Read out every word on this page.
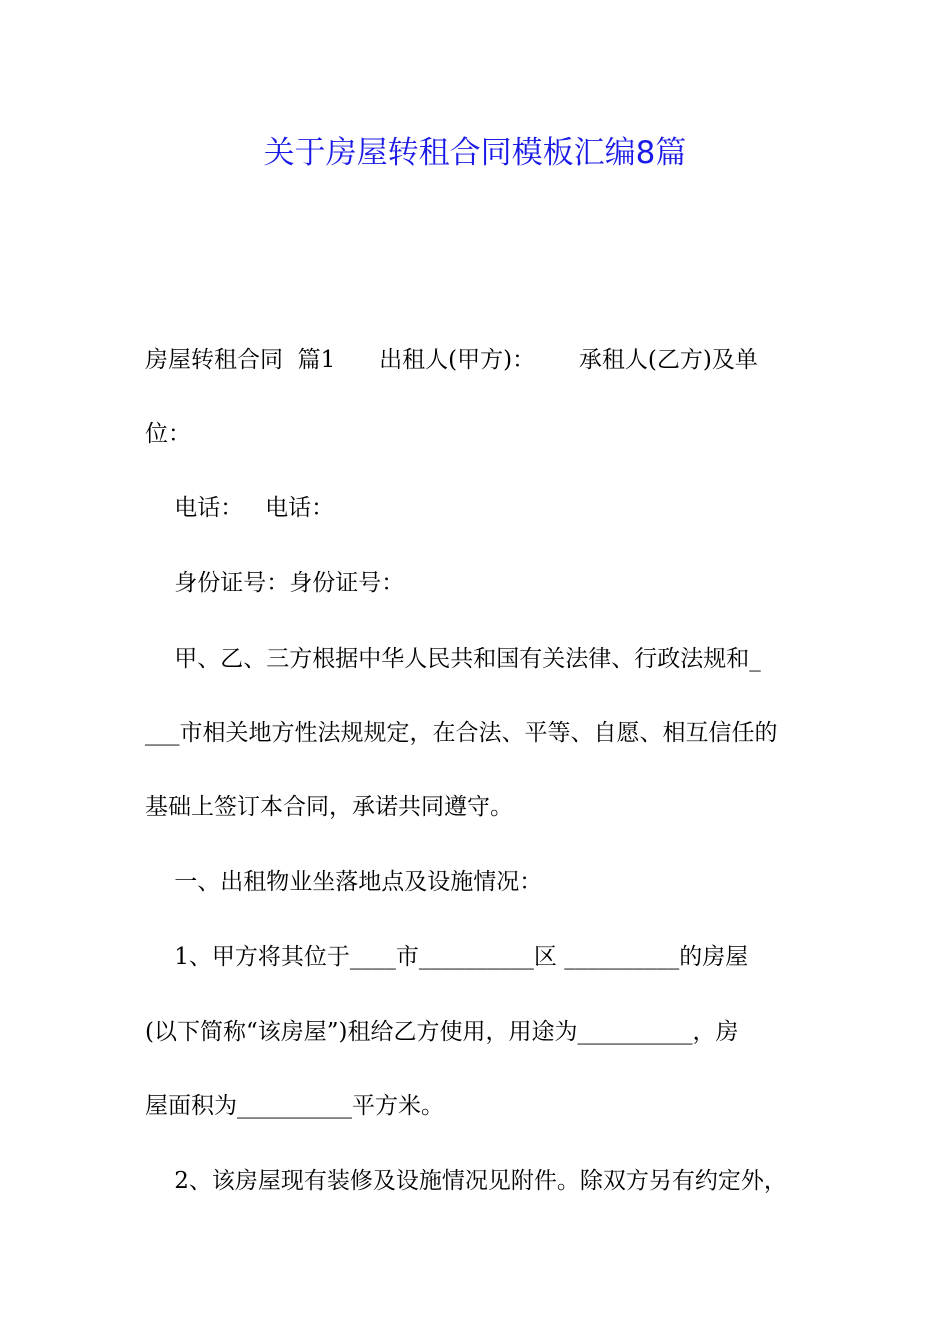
关于房屋转租合同模板汇编8篇
房屋转租合同  篇1      出租人(甲方)：      承租人(乙方)及单
位：
电话：   电话：
身份证号：身份证号：
甲、乙、三方根据中华人民共和国有关法律、行政法规和_
___市相关地方性法规规定，在合法、平等、自愿、相互信任的
基础上签订本合同，承诺共同遵守。
一、出租物业坐落地点及设施情况：
1、甲方将其位于____市__________区 __________的房屋
(以下简称“该房屋”)租给乙方使用，用途为__________，房
屋面积为__________平方米。
2、该房屋现有装修及设施情况见附件。除双方另有约定外，
